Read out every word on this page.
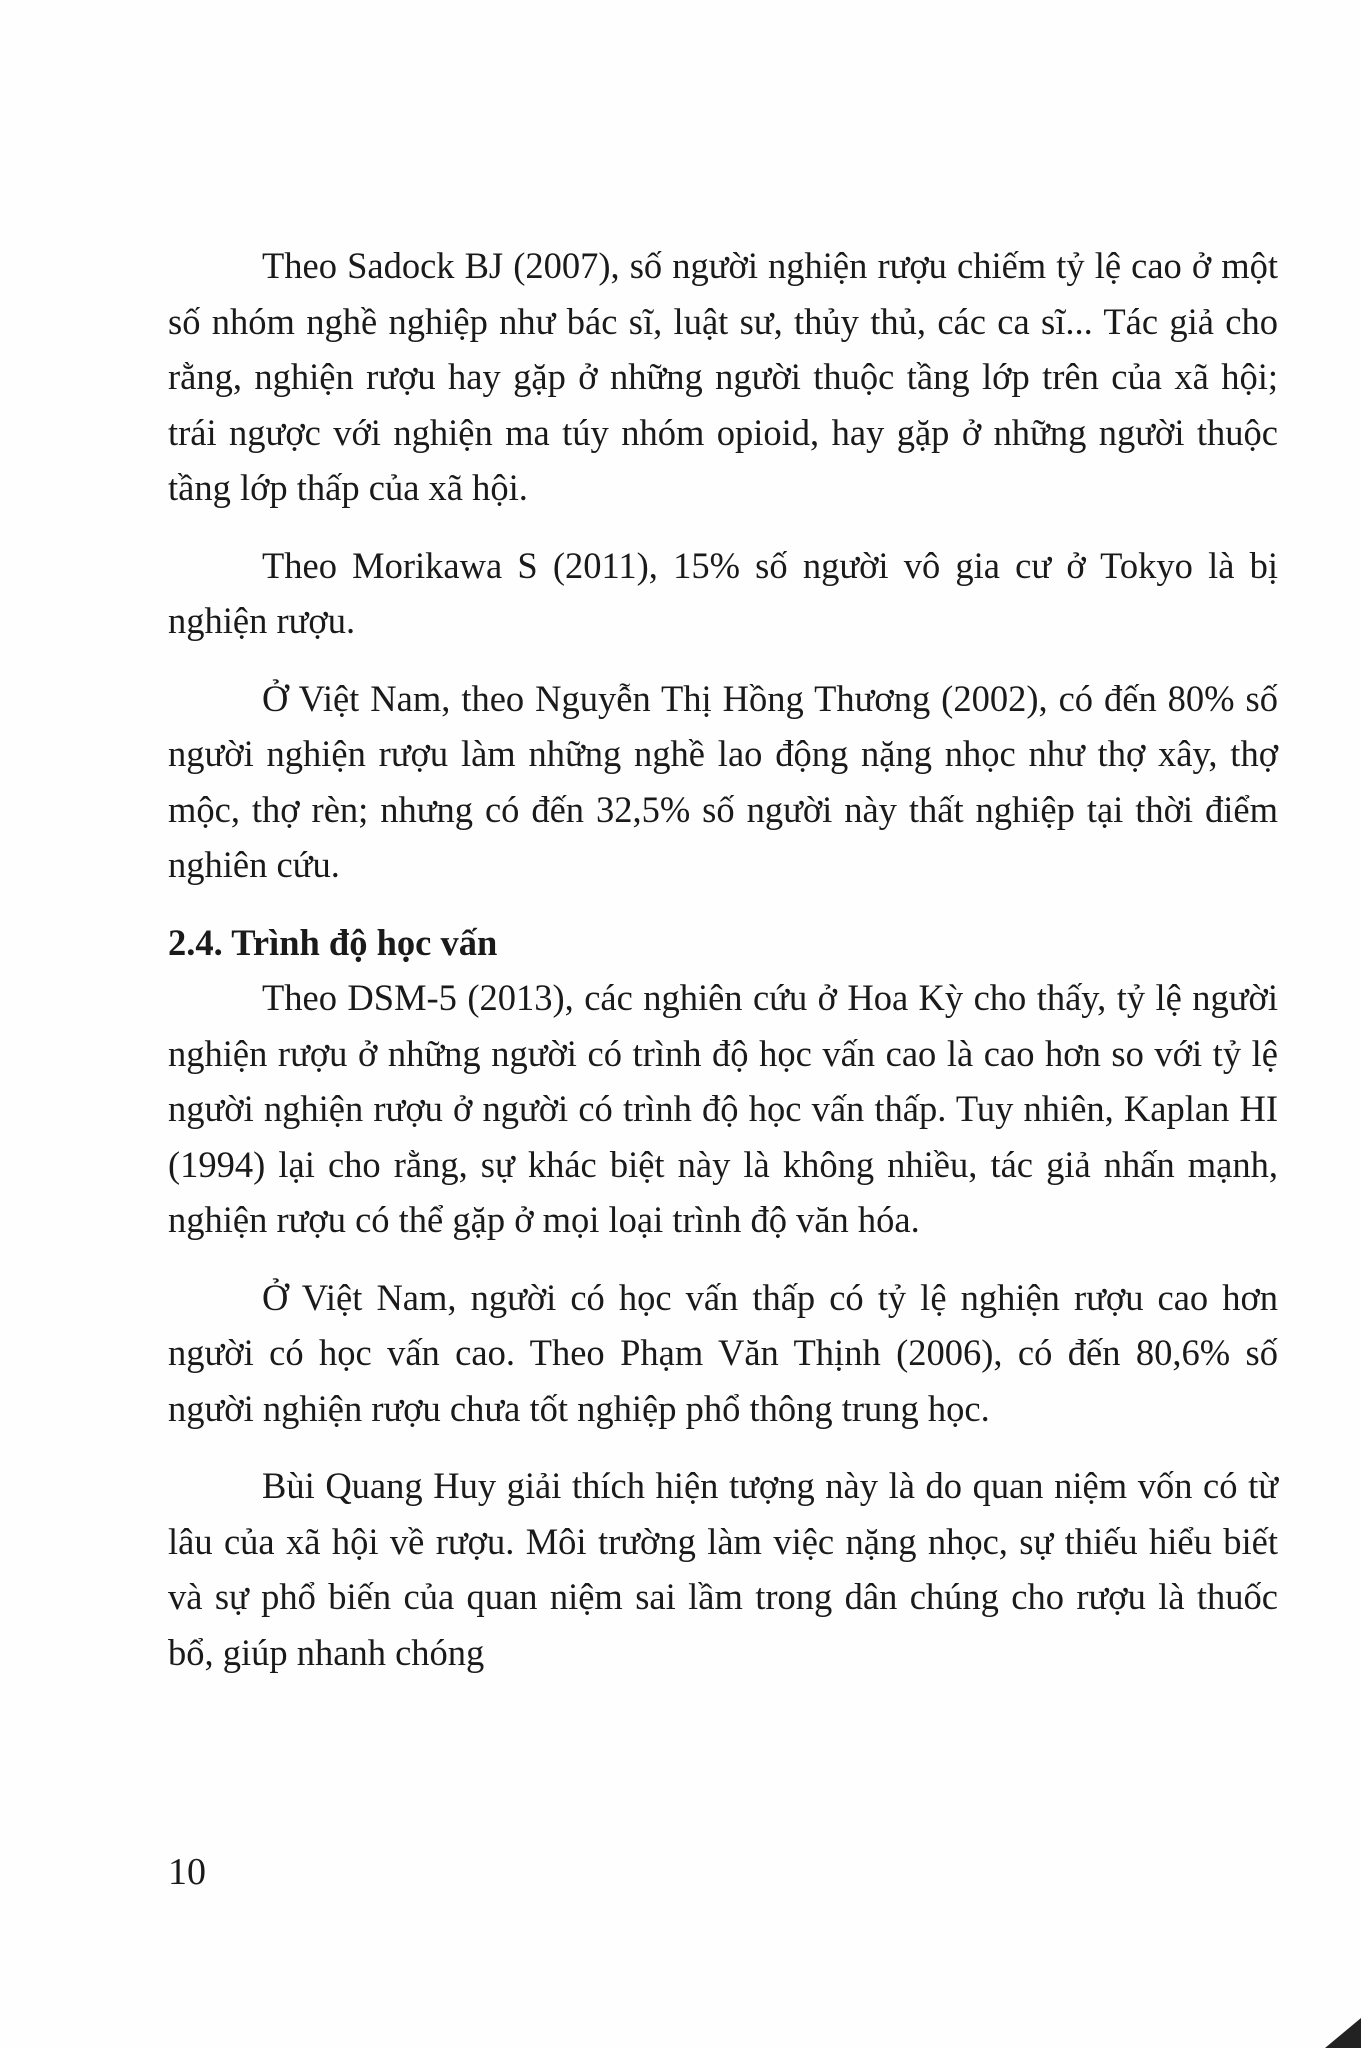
Theo Sadock BJ (2007), số người nghiện rượu chiếm tỷ lệ cao ở một số nhóm nghề nghiệp như bác sĩ, luật sư, thủy thủ, các ca sĩ... Tác giả cho rằng, nghiện rượu hay gặp ở những người thuộc tầng lớp trên của xã hội; trái ngược với nghiện ma túy nhóm opioid, hay gặp ở những người thuộc tầng lớp thấp của xã hội.

Theo Morikawa S (2011), 15% số người vô gia cư ở Tokyo là bị nghiện rượu.

Ở Việt Nam, theo Nguyễn Thị Hồng Thương (2002), có đến 80% số người nghiện rượu làm những nghề lao động nặng nhọc như thợ xây, thợ mộc, thợ rèn; nhưng có đến 32,5% số người này thất nghiệp tại thời điểm nghiên cứu.

2.4. Trình độ học vấn

Theo DSM-5 (2013), các nghiên cứu ở Hoa Kỳ cho thấy, tỷ lệ người nghiện rượu ở những người có trình độ học vấn cao là cao hơn so với tỷ lệ người nghiện rượu ở người có trình độ học vấn thấp. Tuy nhiên, Kaplan HI (1994) lại cho rằng, sự khác biệt này là không nhiều, tác giả nhấn mạnh, nghiện rượu có thể gặp ở mọi loại trình độ văn hóa.

Ở Việt Nam, người có học vấn thấp có tỷ lệ nghiện rượu cao hơn người có học vấn cao. Theo Phạm Văn Thịnh (2006), có đến 80,6% số người nghiện rượu chưa tốt nghiệp phổ thông trung học.

Bùi Quang Huy giải thích hiện tượng này là do quan niệm vốn có từ lâu của xã hội về rượu. Môi trường làm việc nặng nhọc, sự thiếu hiểu biết và sự phổ biến của quan niệm sai lầm trong dân chúng cho rượu là thuốc bổ, giúp nhanh chóng

10
